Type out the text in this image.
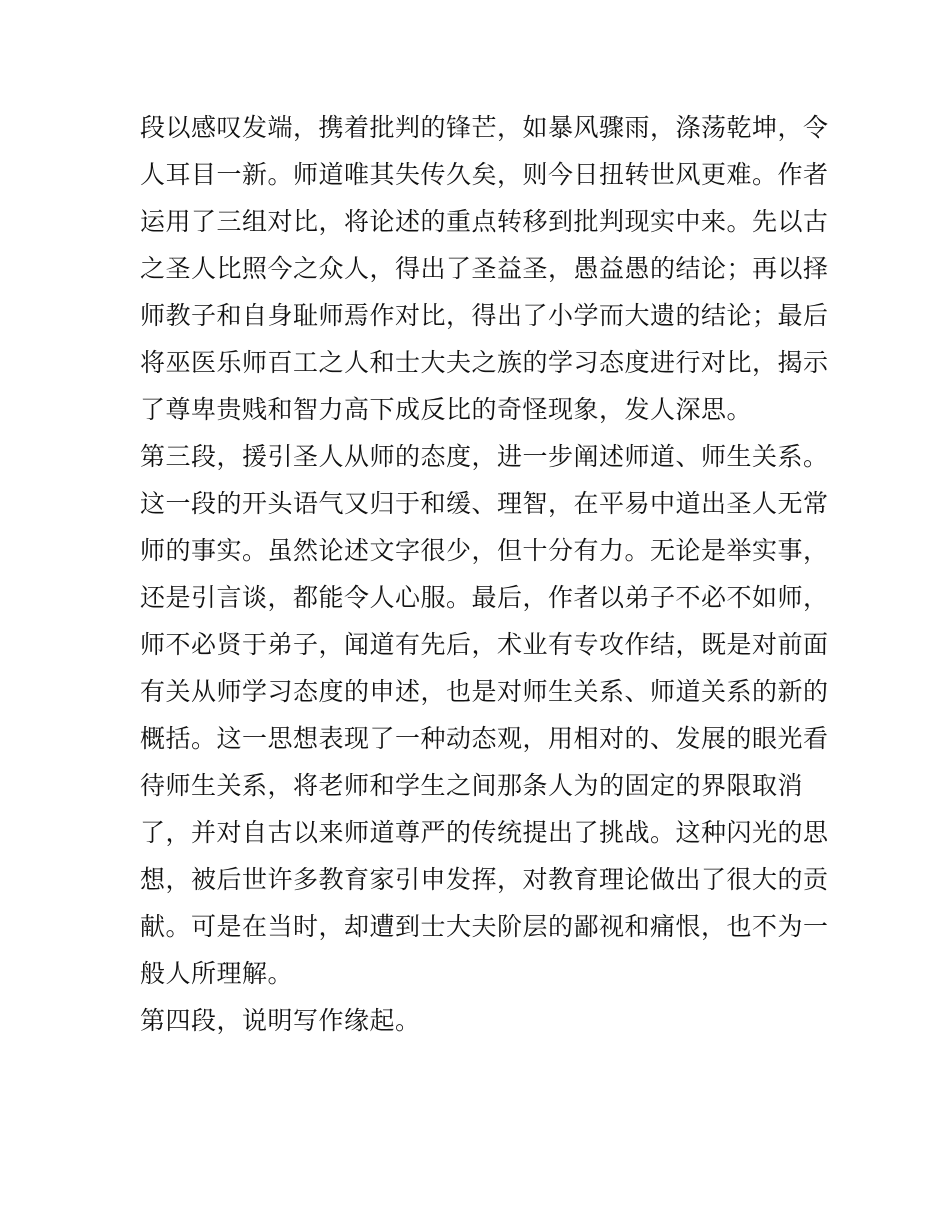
段以感叹发端，携着批判的锋芒，如暴风骤雨，涤荡乾坤，令
人耳目一新。师道唯其失传久矣，则今日扭转世风更难。作者
运用了三组对比，将论述的重点转移到批判现实中来。先以古
之圣人比照今之众人，得出了圣益圣，愚益愚的结论；再以择
师教子和自身耻师焉作对比，得出了小学而大遗的结论；最后
将巫医乐师百工之人和士大夫之族的学习态度进行对比，揭示
了尊卑贵贱和智力高下成反比的奇怪现象，发人深思。
第三段，援引圣人从师的态度，进一步阐述师道、师生关系。
这一段的开头语气又归于和缓、理智，在平易中道出圣人无常
师的事实。虽然论述文字很少，但十分有力。无论是举实事，
还是引言谈，都能令人心服。最后，作者以弟子不必不如师，
师不必贤于弟子，闻道有先后，术业有专攻作结，既是对前面
有关从师学习态度的申述，也是对师生关系、师道关系的新的
概括。这一思想表现了一种动态观，用相对的、发展的眼光看
待师生关系，将老师和学生之间那条人为的固定的界限取消
了，并对自古以来师道尊严的传统提出了挑战。这种闪光的思
想，被后世许多教育家引申发挥，对教育理论做出了很大的贡
献。可是在当时，却遭到士大夫阶层的鄙视和痛恨，也不为一
般人所理解。
第四段，说明写作缘起。
